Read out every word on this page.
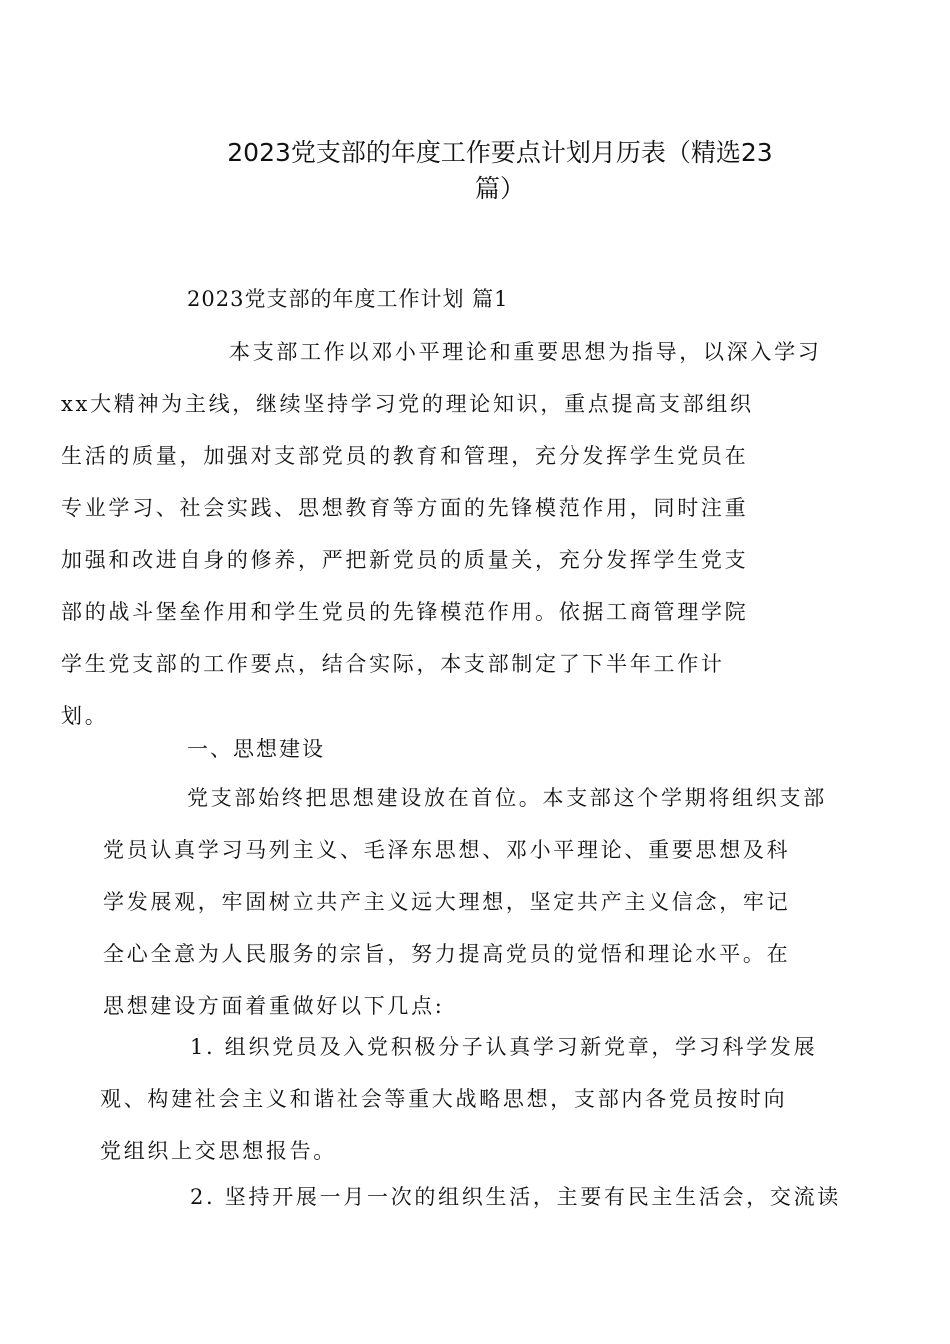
2023党支部的年度工作要点计划月历表（精选23
篇）
2023党支部的年度工作计划 篇1
本支部工作以邓小平理论和重要思想为指导，以深入学习
xx大精神为主线，继续坚持学习党的理论知识，重点提高支部组织
生活的质量，加强对支部党员的教育和管理，充分发挥学生党员在
专业学习、社会实践、思想教育等方面的先锋模范作用，同时注重
加强和改进自身的修养，严把新党员的质量关，充分发挥学生党支
部的战斗堡垒作用和学生党员的先锋模范作用。依据工商管理学院
学生党支部的工作要点，结合实际，本支部制定了下半年工作计
划。
一、思想建设
党支部始终把思想建设放在首位。本支部这个学期将组织支部
党员认真学习马列主义、毛泽东思想、邓小平理论、重要思想及科
学发展观，牢固树立共产主义远大理想，坚定共产主义信念，牢记
全心全意为人民服务的宗旨，努力提高党员的觉悟和理论水平。在
思想建设方面着重做好以下几点:
1. 组织党员及入党积极分子认真学习新党章，学习科学发展
观、构建社会主义和谐社会等重大战略思想，支部内各党员按时向
党组织上交思想报告。
2. 坚持开展一月一次的组织生活，主要有民主生活会，交流读
